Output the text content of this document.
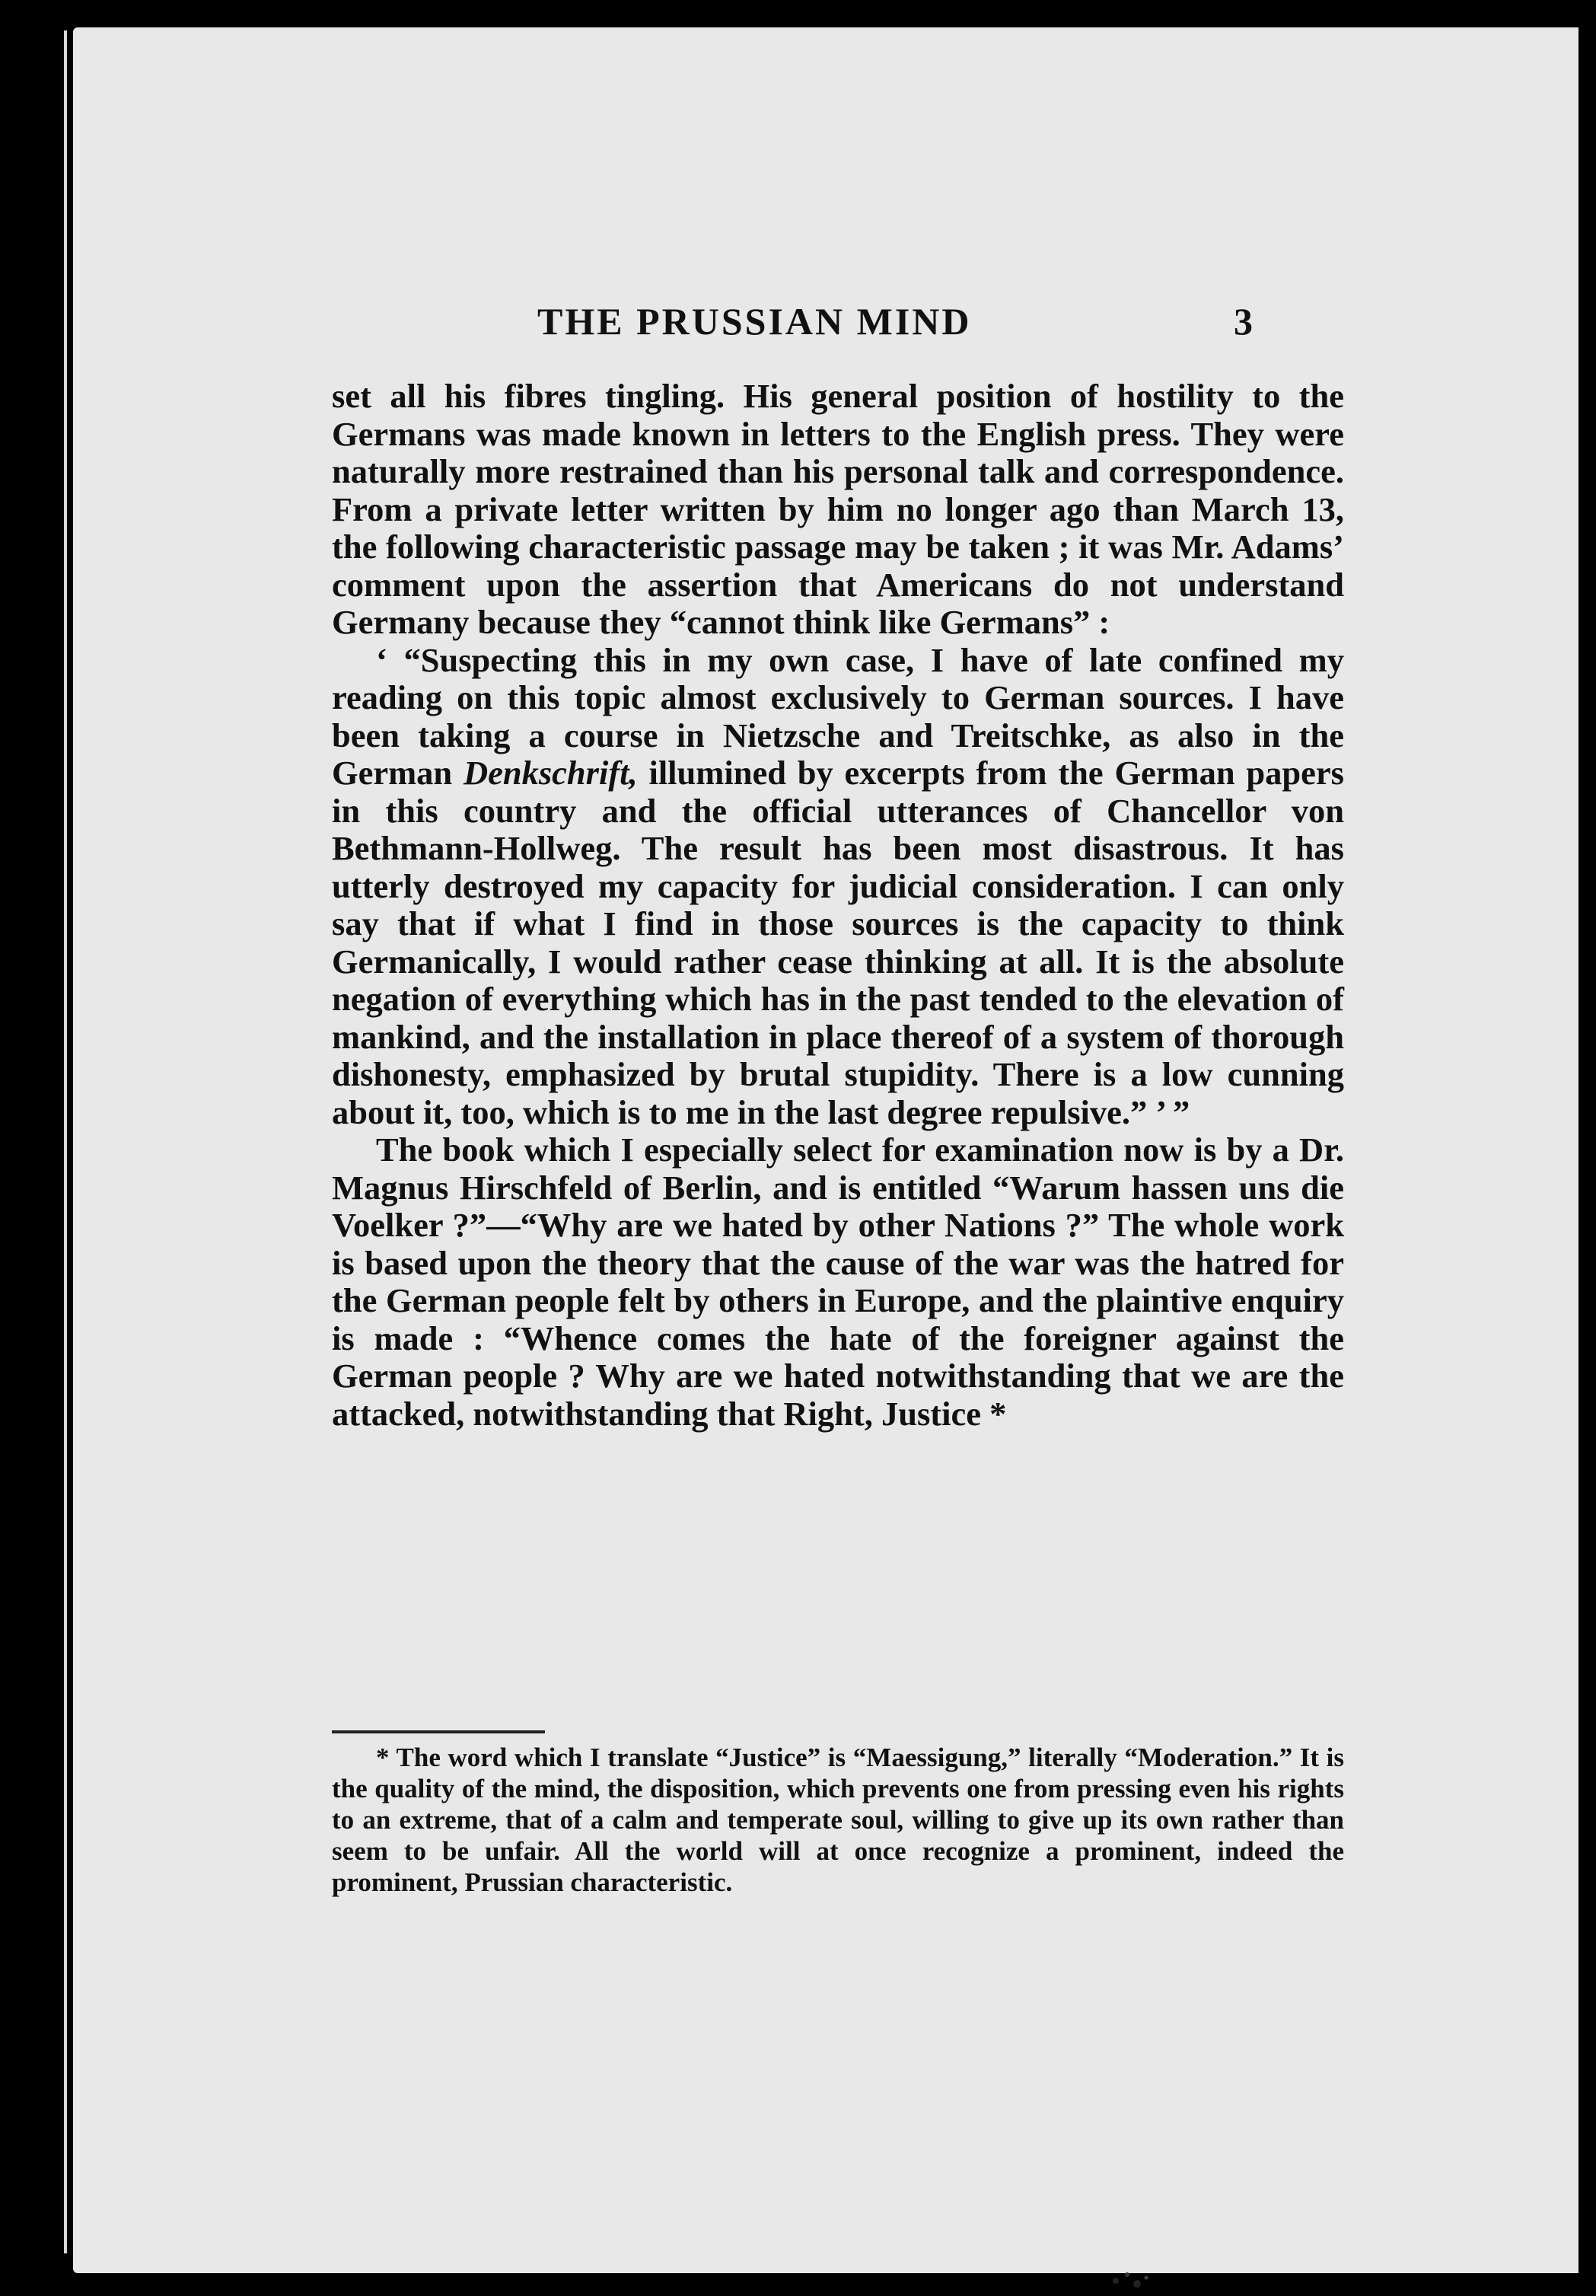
THE PRUSSIAN MIND	3

set all his fibres tingling. His general position of hostility to the Germans was made known in letters to the English press. They were naturally more restrained than his personal talk and correspondence. From a private letter written by him no longer ago than March 13, the following characteristic passage may be taken ; it was Mr. Adams’ comment upon the assertion that Americans do not understand Germany because they “cannot think like Germans” :

‘ “Suspecting this in my own case, I have of late confined my reading on this topic almost exclusively to German sources. I have been taking a course in Nietzsche and Treitschke, as also in the German Denkschrift, illumined by excerpts from the German papers in this country and the official utterances of Chancellor von Bethmann-Hollweg. The result has been most disastrous. It has utterly destroyed my capacity for judicial consideration. I can only say that if what I find in those sources is the capacity to think Germanically, I would rather cease thinking at all. It is the absolute negation of everything which has in the past tended to the elevation of mankind, and the installation in place thereof of a system of thorough dishonesty, emphasized by brutal stupidity. There is a low cunning about it, too, which is to me in the last degree repulsive.” ’ ”

The book which I especially select for examination now is by a Dr. Magnus Hirschfeld of Berlin, and is entitled “Warum hassen uns die Voelker ?”—“Why are we hated by other Nations ?” The whole work is based upon the theory that the cause of the war was the hatred for the German people felt by others in Europe, and the plaintive enquiry is made : “Whence comes the hate of the foreigner against the German people ? Why are we hated notwithstanding that we are the attacked, notwithstanding that Right, Justice *

* The word which I translate “Justice” is “Maessigung,” literally “Moderation.” It is the quality of the mind, the disposition, which prevents one from pressing even his rights to an extreme, that of a calm and temperate soul, willing to give up its own rather than seem to be unfair. All the world will at once recognize a prominent, indeed the prominent, Prussian characteristic.
